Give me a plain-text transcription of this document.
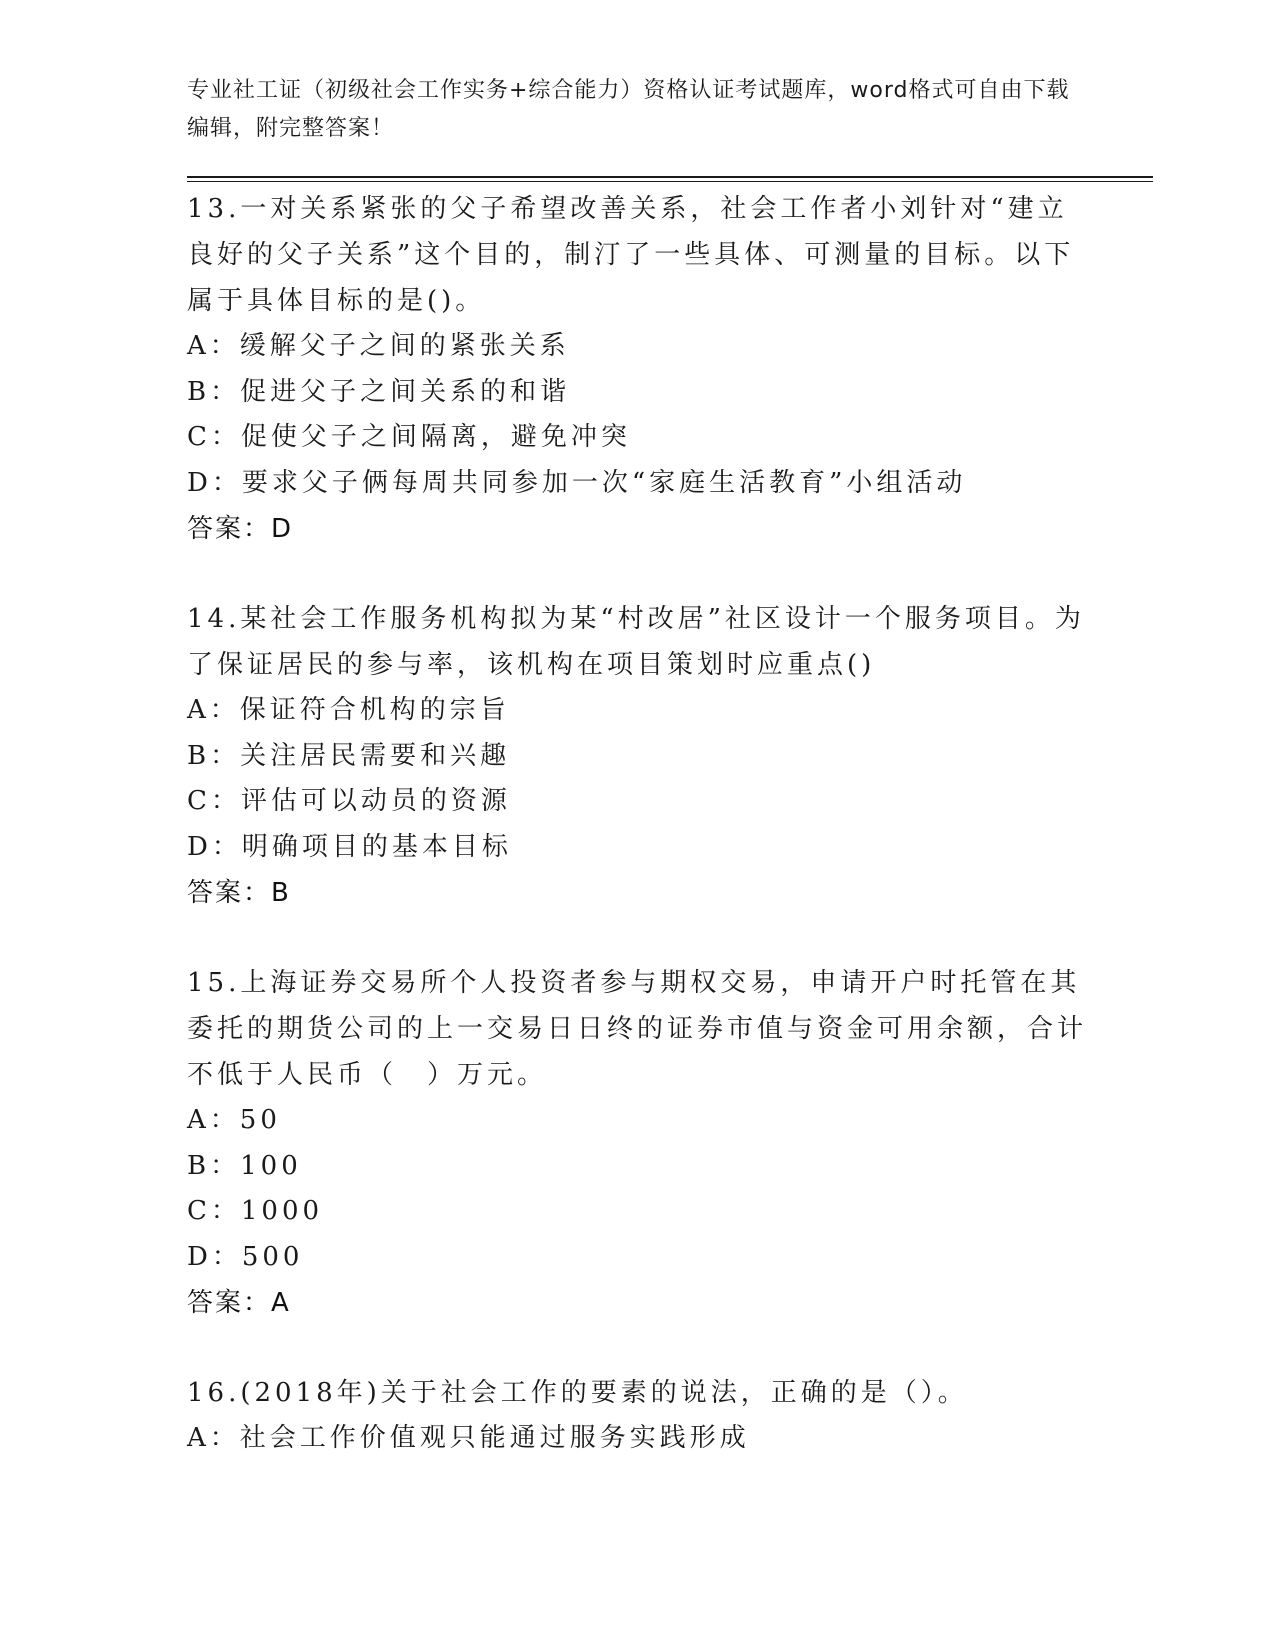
专业社工证（初级社会工作实务+综合能力）资格认证考试题库，word格式可自由下载编辑，附完整答案！
13.一对关系紧张的父子希望改善关系，社会工作者小刘针对“建立良好的父子关系”这个目的，制汀了一些具体、可测量的目标。以下属于具体目标的是()。
A：缓解父子之间的紧张关系
B：促进父子之间关系的和谐
C：促使父子之间隔离，避免冲突
D：要求父子俩每周共同参加一次“家庭生活教育”小组活动
答案：D
14.某社会工作服务机构拟为某“村改居”社区设计一个服务项目。为了保证居民的参与率，该机构在项目策划时应重点()
A：保证符合机构的宗旨
B：关注居民需要和兴趣
C：评估可以动员的资源
D：明确项目的基本目标
答案：B
15.上海证券交易所个人投资者参与期权交易，申请开户时托管在其委托的期货公司的上一交易日日终的证券市值与资金可用余额，合计不低于人民币（　）万元。
A：50
B：100
C：1000
D：500
答案：A
16.(2018年)关于社会工作的要素的说法，正确的是（）。
A：社会工作价值观只能通过服务实践形成
